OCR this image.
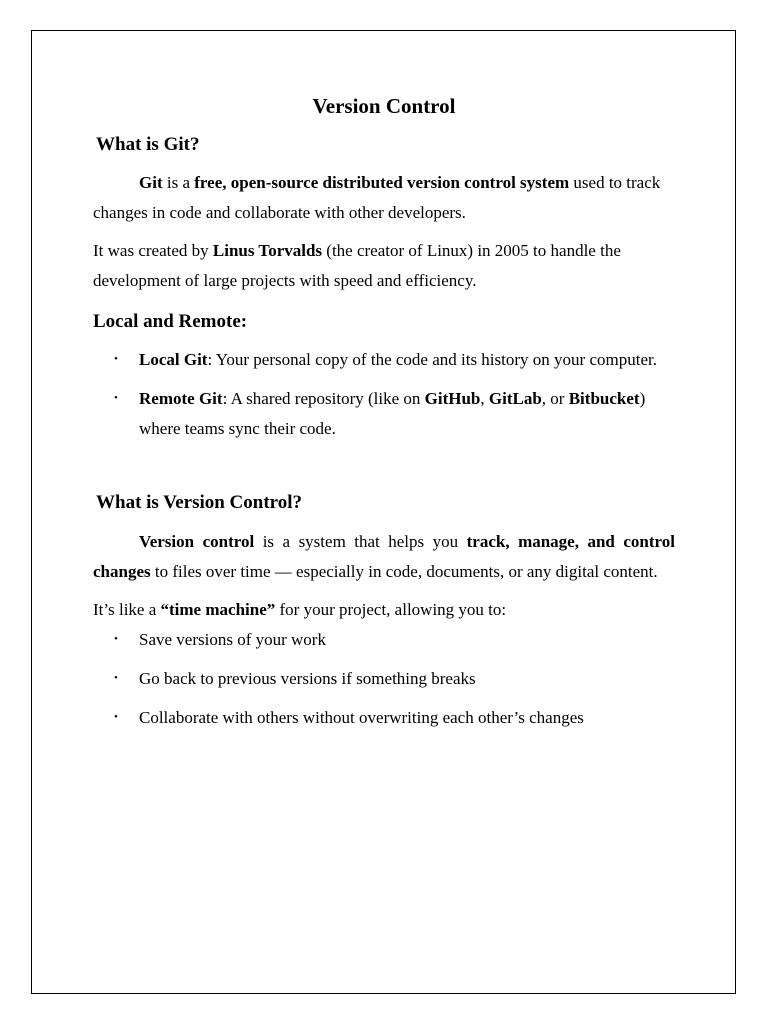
Version Control
What is Git?

Git is a free, open-source distributed version control system used to track changes in code and collaborate with other developers.

It was created by Linus Torvalds (the creator of Linux) in 2005 to handle the development of large projects with speed and efficiency.

Local and Remote:
• Local Git: Your personal copy of the code and its history on your computer.
• Remote Git: A shared repository (like on GitHub, GitLab, or Bitbucket) where teams sync their code.
What is Version Control?

Version control is a system that helps you track, manage, and control changes to files over time — especially in code, documents, or any digital content.

It’s like a “time machine” for your project, allowing you to:

• Save versions of your work
• Go back to previous versions if something breaks
• Collaborate with others without overwriting each other’s changes
